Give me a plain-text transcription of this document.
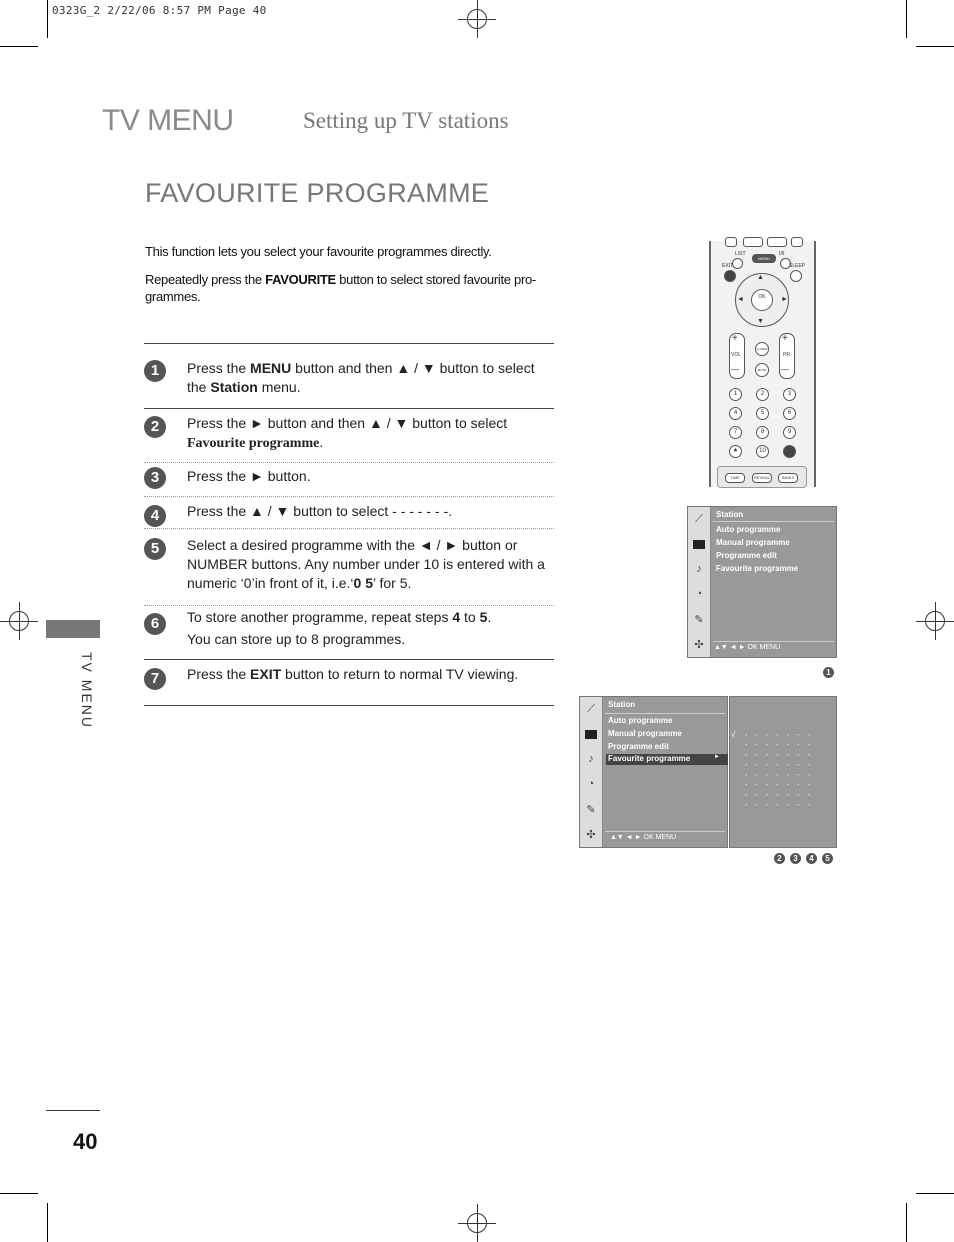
0323G_2 2/22/06 8:57 PM Page 40
TV MENU	Setting up TV stations
FAVOURITE PROGRAMME
This function lets you select your favourite programmes directly.
Repeatedly press the FAVOURITE button to select stored favourite pro-grammes.
1	Press the MENU button and then ▲ / ▼ button to select the Station menu.
2	Press the ► button and then ▲ / ▼ button to select Favourite programme.
3	Press the ► button.
4	Press the ▲ / ▼ button to select - - - - - - -.
5	Select a desired programme with the ◄ / ► button or NUMBER buttons. Any number under 10 is entered with a numeric ‘0’in front of it, i.e.‘0 5’ for 5.
6	To store another programme, repeat steps 4 to 5.
You can store up to 8 programmes.
7	Press the EXIT button to return to normal TV viewing.
TV MENU
40
LIST	I/II
MENU
EXIT	SLEEP
OK
▲
▼
◄	►
+
VOL
—
+
PR
—
Q.VIEW
MUTE
1	2	3
4	5	6
7	8	9
★	10
TIME	REVEAL	INDEX
⟋
♪
◔
✎
✣
Station
Auto programme
Manual programme
Programme edit
Favourite programme
▲▼ ◄ ► OK MENU
1
⟋
♪
◔
✎
✣
Station
Auto programme
Manual programme
Programme edit
Favourite programme	►
▲▼ ◄ ► OK MENU
√ - - - - - - -
- - - - - - -
- - - - - - -
- - - - - - -
- - - - - - -
- - - - - - -
- - - - - - -
- - - - - - -
2	3	4	5
